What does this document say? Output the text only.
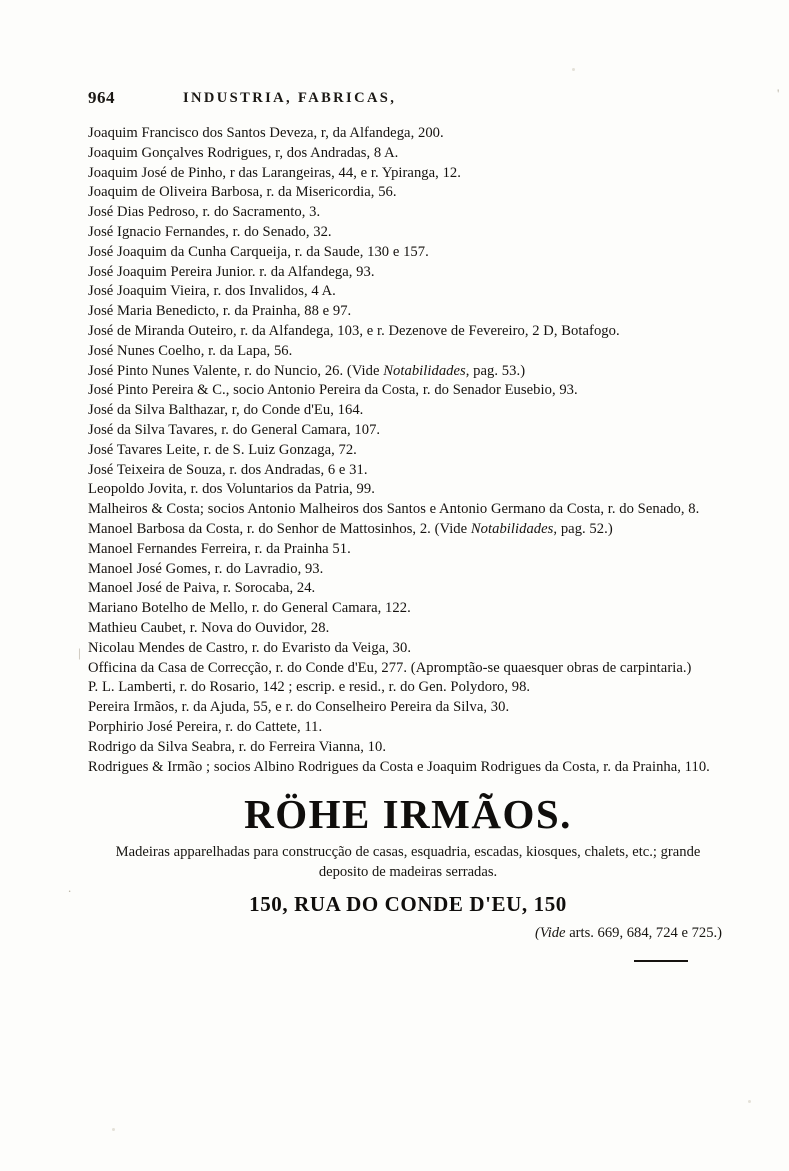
964	INDUSTRIA, FABRICAS,

Joaquim Francisco dos Santos Deveza, r, da Alfandega, 200.

Joaquim Gonçalves Rodrigues, r, dos Andradas, 8 A.

Joaquim José de Pinho, r das Larangeiras, 44, e r. Ypiranga, 12.

Joaquim de Oliveira Barbosa, r. da Misericordia, 56.

José Dias Pedroso, r. do Sacramento, 3.

José Ignacio Fernandes, r. do Senado, 32.

José Joaquim da Cunha Carqueija, r. da Saude, 130 e 157.

José Joaquim Pereira Junior. r. da Alfandega, 93.

José Joaquim Vieira, r. dos Invalidos, 4 A.

José Maria Benedicto, r. da Prainha, 88 e 97.

José de Miranda Outeiro, r. da Alfandega, 103, e r. Dezenove de Fevereiro, 2 D, Botafogo.

José Nunes Coelho, r. da Lapa, 56.

José Pinto Nunes Valente, r. do Nuncio, 26. (Vide Notabilidades, pag. 53.)

José Pinto Pereira & C., socio Antonio Pereira da Costa, r. do Senador Eusebio, 93.

José da Silva Balthazar, r, do Conde d'Eu, 164.

José da Silva Tavares, r. do General Camara, 107.

José Tavares Leite, r. de S. Luiz Gonzaga, 72.

José Teixeira de Souza, r. dos Andradas, 6 e 31.

Leopoldo Jovita, r. dos Voluntarios da Patria, 99.

Malheiros & Costa; socios Antonio Malheiros dos Santos e Antonio Germano da Costa, r. do Senado, 8.

Manoel Barbosa da Costa, r. do Senhor de Mattosinhos, 2. (Vide Notabilidades, pag. 52.)

Manoel Fernandes Ferreira, r. da Prainha 51.

Manoel José Gomes, r. do Lavradio, 93.

Manoel José de Paiva, r. Sorocaba, 24.

Mariano Botelho de Mello, r. do General Camara, 122.

Mathieu Caubet, r. Nova do Ouvidor, 28.

Nicolau Mendes de Castro, r. do Evaristo da Veiga, 30.

Officina da Casa de Correcção, r. do Conde d'Eu, 277. (Apromptão-se quaesquer obras de carpintaria.)

P. L. Lamberti, r. do Rosario, 142 ; escrip. e resid., r. do Gen. Polydoro, 98.

Pereira Irmãos, r. da Ajuda, 55, e r. do Conselheiro Pereira da Silva, 30.

Porphirio José Pereira, r. do Cattete, 11.

Rodrigo da Silva Seabra, r. do Ferreira Vianna, 10.

Rodrigues & Irmão ; socios Albino Rodrigues da Costa e Joaquim Rodrigues da Costa, r. da Prainha, 110.

RÖHE IRMÃOS.
Madeiras apparelhadas para construcção de casas, esquadria, escadas, kiosques, chalets, etc.; grande deposito de madeiras serradas.
150, RUA DO CONDE D'EU, 150
(Vide arts. 669, 684, 724 e 725.)
'
|
.
